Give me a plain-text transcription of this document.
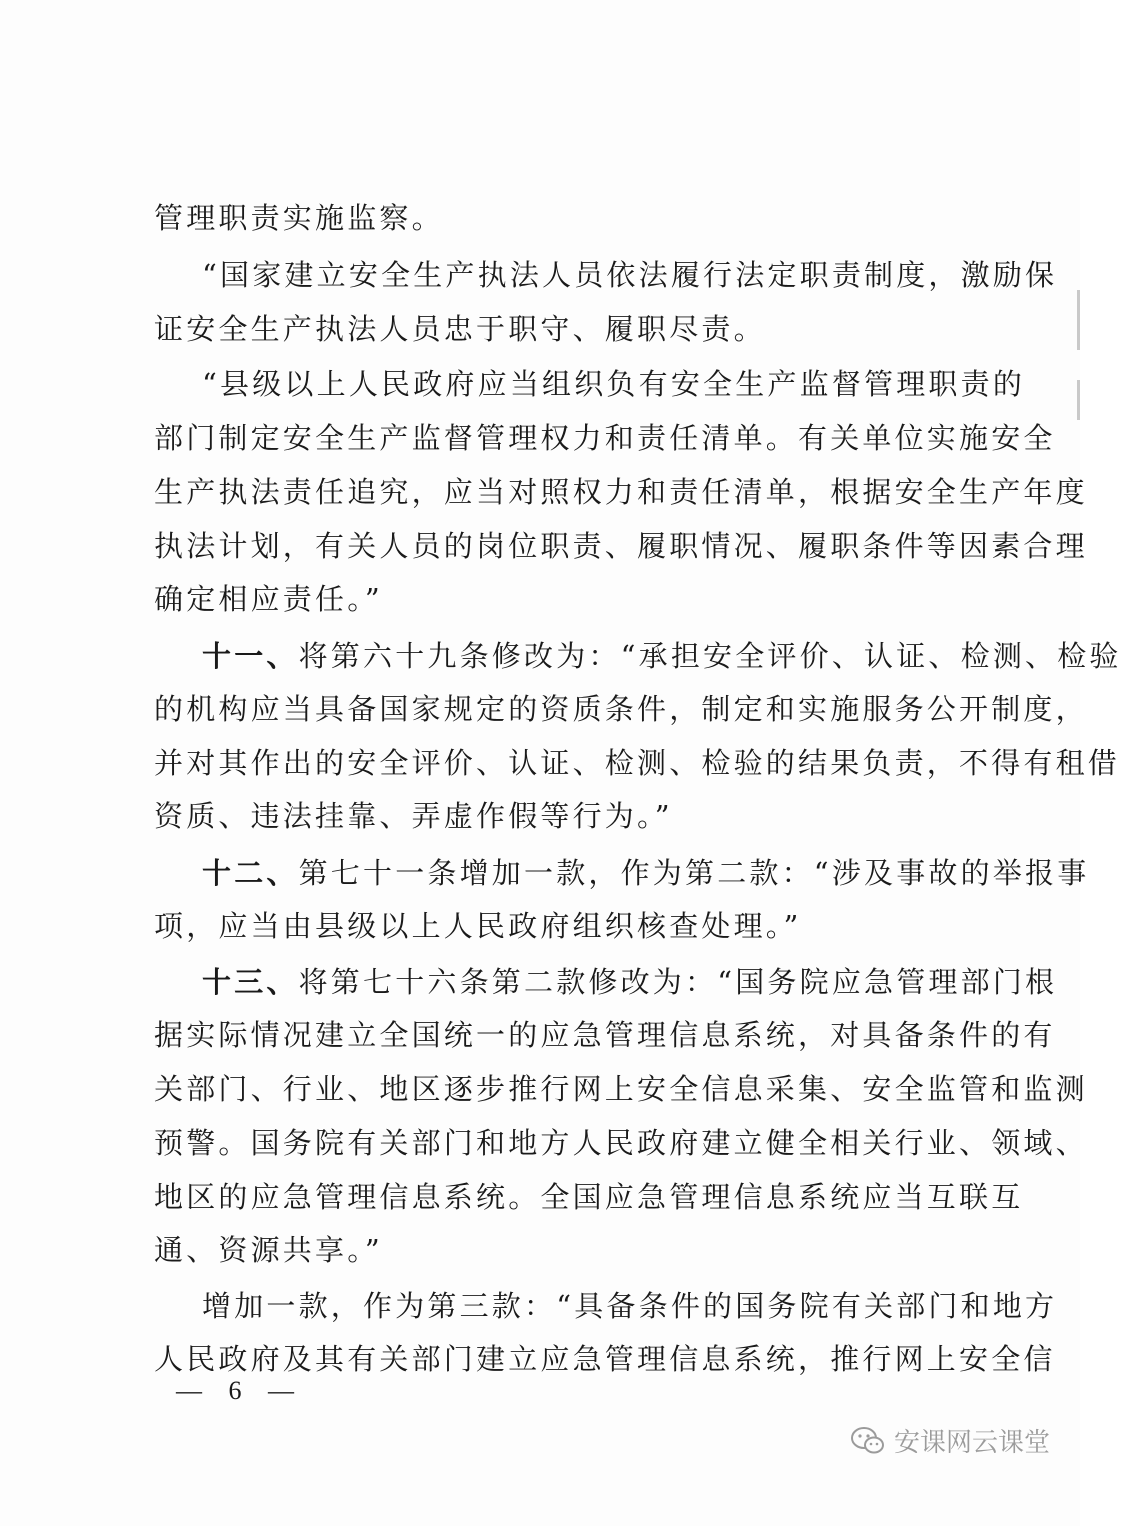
管理职责实施监察。
“国家建立安全生产执法人员依法履行法定职责制度，激励保
证安全生产执法人员忠于职守、履职尽责。
“县级以上人民政府应当组织负有安全生产监督管理职责的
部门制定安全生产监督管理权力和责任清单。有关单位实施安全
生产执法责任追究，应当对照权力和责任清单，根据安全生产年度
执法计划，有关人员的岗位职责、履职情况、履职条件等因素合理
确定相应责任。”
十一、将第六十九条修改为：“承担安全评价、认证、检测、检验
的机构应当具备国家规定的资质条件，制定和实施服务公开制度，
并对其作出的安全评价、认证、检测、检验的结果负责，不得有租借
资质、违法挂靠、弄虚作假等行为。”
十二、第七十一条增加一款，作为第二款：“涉及事故的举报事
项，应当由县级以上人民政府组织核查处理。”
十三、将第七十六条第二款修改为：“国务院应急管理部门根
据实际情况建立全国统一的应急管理信息系统，对具备条件的有
关部门、行业、地区逐步推行网上安全信息采集、安全监管和监测
预警。国务院有关部门和地方人民政府建立健全相关行业、领域、
地区的应急管理信息系统。全国应急管理信息系统应当互联互
通、资源共享。”
增加一款，作为第三款：“具备条件的国务院有关部门和地方
人民政府及其有关部门建立应急管理信息系统，推行网上安全信
— 6 —
安课网云课堂
